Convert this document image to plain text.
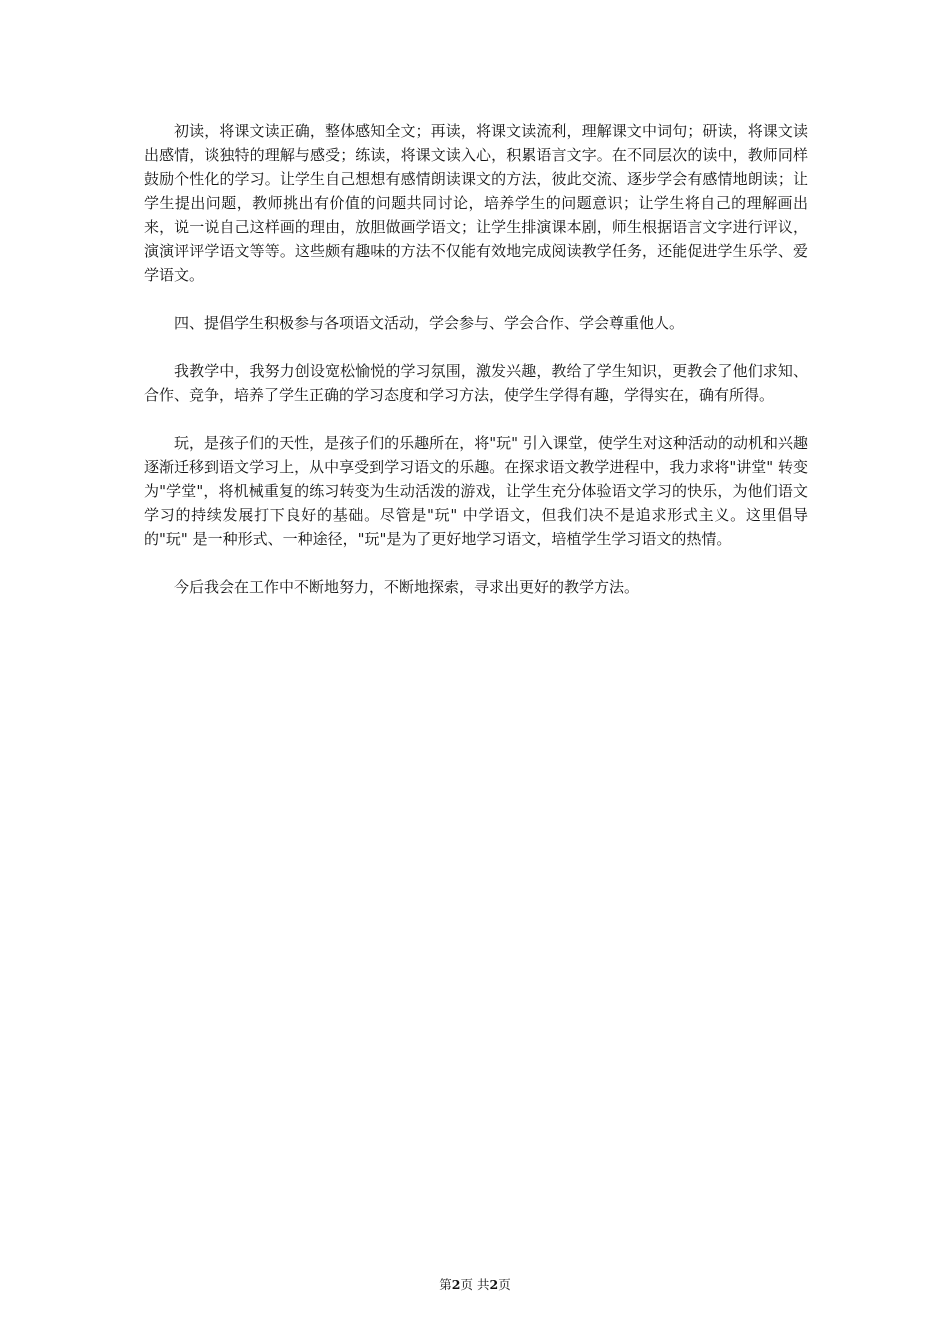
初读，将课文读正确，整体感知全文；再读，将课文读流利，理解课文中词句；研读，将课文读出感情，谈独特的理解与感受；练读，将课文读入心，积累语言文字。在不同层次的读中，教师同样鼓励个性化的学习。让学生自己想想有感情朗读课文的方法，彼此交流、逐步学会有感情地朗读；让学生提出问题，教师挑出有价值的问题共同讨论，培养学生的问题意识；让学生将自己的理解画出来，说一说自己这样画的理由，放胆做画学语文；让学生排演课本剧，师生根据语言文字进行评议，演演评评学语文等等。这些颇有趣味的方法不仅能有效地完成阅读教学任务，还能促进学生乐学、爱学语文。

四、提倡学生积极参与各项语文活动，学会参与、学会合作、学会尊重他人。

我教学中，我努力创设宽松愉悦的学习氛围，激发兴趣，教给了学生知识，更教会了他们求知、合作、竞争，培养了学生正确的学习态度和学习方法，使学生学得有趣，学得实在，确有所得。

玩，是孩子们的天性，是孩子们的乐趣所在，将"玩" 引入课堂，使学生对这种活动的动机和兴趣逐渐迁移到语文学习上，从中享受到学习语文的乐趣。在探求语文教学进程中，我力求将"讲堂" 转变为"学堂"，将机械重复的练习转变为生动活泼的游戏，让学生充分体验语文学习的快乐，为他们语文学习的持续发展打下良好的基础。尽管是"玩" 中学语文，但我们决不是追求形式主义。这里倡导的"玩" 是一种形式、一种途径，"玩"是为了更好地学习语文，培植学生学习语文的热情。

今后我会在工作中不断地努力，不断地探索，寻求出更好的教学方法。

第2页 共2页
